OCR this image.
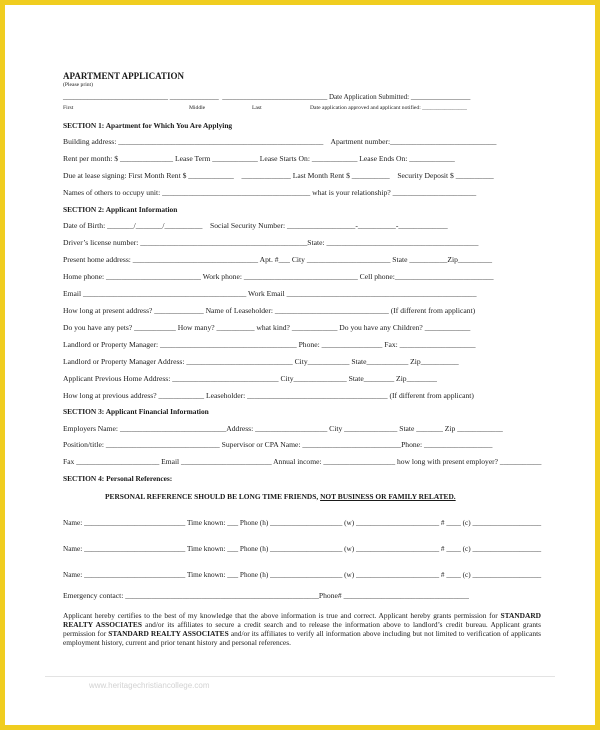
APARTMENT APPLICATION
(Please print)
______________________________ ______________  ______________________________ Date Application Submitted: _________________
First	Middle	Last	Date application approved and applicant notified: ________________
SECTION 1: Apartment for Which You Are Applying
Building address: ______________________________________________________    Apartment number:____________________________
Rent per month: $ ______________ Lease Term ____________ Lease Starts On: ____________ Lease Ends On: ____________
Due at lease signing: First Month Rent $ ____________    _____________ Last Month Rent $ __________    Security Deposit $ __________
Names of others to occupy unit: _______________________________________ what is your relationship? ______________________
SECTION 2: Applicant Information
Date of Birth: _______/_______/__________    Social Security Number: __________________-__________-_____________
Driver’s license number: ____________________________________________State: ________________________________________
Present home address: _________________________________ Apt. #___ City ______________________ State __________Zip_________
Home phone: _________________________ Work phone: ______________________________ Cell phone:__________________________
Email ___________________________________________ Work Email __________________________________________________
How long at present address? _____________ Name of Leaseholder: ______________________________ (If different from applicant)
Do you have any pets? ___________ How many? __________ what kind? ____________ Do you have any Children? ____________
Landlord or Property Manager: ____________________________________ Phone: ________________ Fax: ____________________
Landlord or Property Manager Address: ____________________________ City___________ State___________ Zip__________
Applicant Previous Home Address: ____________________________ City______________ State________ Zip________
How long at previous address? ____________ Leaseholder: _____________________________________ (If different from applicant)
SECTION 3: Applicant Financial Information
Employers Name: ____________________________Address: ___________________ City ______________ State _______ Zip ____________
Position/title: ______________________________ Supervisor or CPA Name: __________________________Phone: __________________
Fax ______________________ Email ________________________ Annual income: ___________________ how long with present employer? ___________
SECTION 4: Personal References:
PERSONAL REFERENCE SHOULD BE LONG TIME FRIENDS, NOT BUSINESS OR FAMILY RELATED.
Name: ____________________________ Time known: ___ Phone (h) ____________________ (w) _______________________ # ____ (c) ___________________
Name: ____________________________ Time known: ___ Phone (h) ____________________ (w) _______________________ # ____ (c) ___________________
Name: ____________________________ Time known: ___ Phone (h) ____________________ (w) _______________________ # ____ (c) ___________________
Emergency contact: ___________________________________________________Phone# _________________________________
Applicant hereby certifies to the best of my knowledge that the above information is true and correct. Applicant hereby grants permission for STANDARD REALTY ASSOCIATES and/or its affiliates to secure a credit search and to release the information above to landlord’s credit bureau. Applicant grants permission for STANDARD REALTY ASSOCIATES and/or its affiliates to verify all information above including but not limited to verification of applicants employment history, current and prior tenant history and personal references.
www.heritagechristiancollege.com
